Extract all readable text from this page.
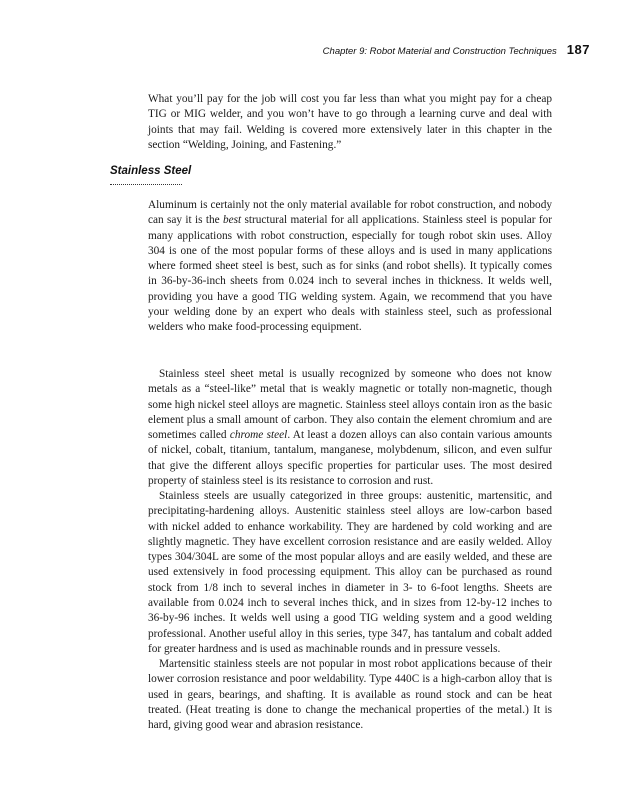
Chapter 9: Robot Material and Construction Techniques 187

What you’ll pay for the job will cost you far less than what you might pay for a cheap TIG or MIG welder, and you won’t have to go through a learning curve and deal with joints that may fail. Welding is covered more extensively later in this chapter in the section “Welding, Joining, and Fastening.”

Stainless Steel

Aluminum is certainly not the only material available for robot construction, and nobody can say it is the best structural material for all applications. Stainless steel is popular for many applications with robot construction, especially for tough robot skin uses. Alloy 304 is one of the most popular forms of these alloys and is used in many applications where formed sheet steel is best, such as for sinks (and robot shells). It typically comes in 36-by-36-inch sheets from 0.024 inch to several inches in thickness. It welds well, providing you have a good TIG welding system. Again, we recommend that you have your welding done by an expert who deals with stainless steel, such as professional welders who make food-processing equipment.

Stainless steel sheet metal is usually recognized by someone who does not know metals as a “steel-like” metal that is weakly magnetic or totally non-magnetic, though some high nickel steel alloys are magnetic. Stainless steel alloys contain iron as the basic element plus a small amount of carbon. They also contain the element chromium and are sometimes called chrome steel. At least a dozen alloys can also contain various amounts of nickel, cobalt, titanium, tantalum, manganese, molybdenum, silicon, and even sulfur that give the different alloys specific properties for particular uses. The most desired property of stainless steel is its resistance to corrosion and rust.

Stainless steels are usually categorized in three groups: austenitic, martensitic, and precipitating-hardening alloys. Austenitic stainless steel alloys are low-carbon based with nickel added to enhance workability. They are hardened by cold working and are slightly magnetic. They have excellent corrosion resistance and are easily welded. Alloy types 304/304L are some of the most popular alloys and are easily welded, and these are used extensively in food processing equipment. This alloy can be purchased as round stock from 1/8 inch to several inches in diameter in 3- to 6-foot lengths. Sheets are available from 0.024 inch to several inches thick, and in sizes from 12-by-12 inches to 36-by-96 inches. It welds well using a good TIG welding system and a good welding professional. Another useful alloy in this series, type 347, has tantalum and cobalt added for greater hardness and is used as machinable rounds and in pressure vessels.

Martensitic stainless steels are not popular in most robot applications because of their lower corrosion resistance and poor weldability. Type 440C is a high-carbon alloy that is used in gears, bearings, and shafting. It is available as round stock and can be heat treated. (Heat treating is done to change the mechanical properties of the metal.) It is hard, giving good wear and abrasion resistance.
